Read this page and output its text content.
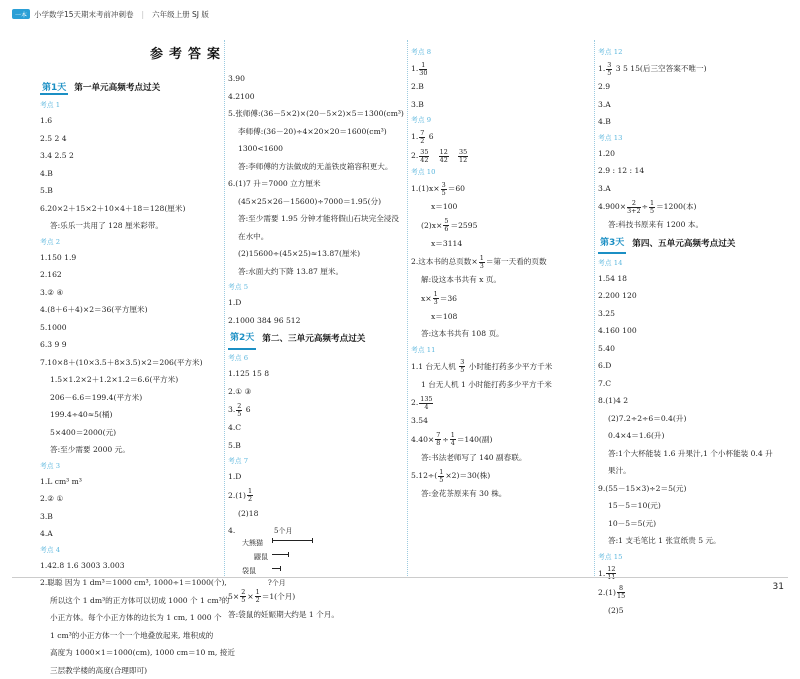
一本 小学数学15天期末考前冲刺卷 | 六年级上册 SJ 版
参考答案
第1天 第一单元高频考点过关
考点 1
1.6
2.5 2 4
3.4 2.5 2
4.B
5.B
6.20×2＋15×2＋10×4＋18＝128(厘米)
答:乐乐一共用了 128 厘米彩带。
考点 2
1.150 1.9
2.162
3.② ④
4.(8＋6＋4)×2＝36(平方厘米)
5.1000
6.3 9 9
7.10×8＋(10×3.5＋8×3.5)×2＝206(平方米)
1.5×1.2×2＋1.2×1.2＝6.6(平方米)
206－6.6＝199.4(平方米)
199.4÷40≈5(桶)
5×400＝2000(元)
答:至少需要 2000 元。
考点 3
1.L cm³ m³
2.② ①
3.B
4.A
考点 4
1.42.8 1.6 3003 3.003
2.聪聪 因为 1 dm³＝1000 cm³, 1000÷1＝1000(个),
所以这个 1 dm³的正方体可以切成 1000 个 1 cm³的
小正方体。每个小正方体的边长为 1 cm, 1 000 个
1 cm³的小正方体一个一个地叠放起来, 堆积成的
高度为 1000×1＝1000(cm), 1000 cm＝10 m, 接近
三层教学楼的高度(合理即可)
3.90
4.2100
5.张师傅:(36－5×2)×(20－5×2)×5＝1300(cm³)
李师傅:(36－20)÷4×20×20＝1600(cm³)
1300<1600
答:李师傅的方法做成的无盖铁皮箱容积更大。
6.(1)7 升＝7000 立方厘米
(45×25×26－15600)÷7000＝1.95(分)
答:至少需要 1.95 分钟才能将假山石块完全浸没
在水中。
(2)15600÷(45×25)≈13.87(厘米)
答:水面大约下降 13.87 厘米。
考点 5
1.D
2.1000 384 96 512
第2天 第二、三单元高频考点过关
考点 6
1.125 15 8
2.① ③
3. $\frac{2}{5} 6$
4.C
5.B
考点 7
1.D
$2.(1) \frac{1}{2}$
(2)18
4.	5个月
大熊猫
鼹鼠
袋鼠
?个月
$5\times \frac{2}{5} \times \frac{1}{2} =1$(个月)
答:袋鼠的妊娠期大约是 1 个月。
考点 8
1. $\frac{1}{30}$
2.B
3.B
考点 9
1. $\frac{7}{2} 6$
2. $\frac{35}{42}$
$\frac{12}{42}$
$\frac{35}{12}$
考点 10
$1.(1)x\times \frac{3}{5} =60$
x＝100
$(2)x\times \frac{5}{6} =2595$
x＝3114
2.这本书的总页数× $\frac{1}{3}$ ＝第一天看的页数
解:设这本书共有 x 页。
$x\times \frac{1}{3} =36$
x＝108
答:这本书共有 108 页。
考点 11
1.1 台无人机 $\frac{3}{5}$ 小时能打药多少平方千米
1 台无人机 1 小时能打药多少平方千米
2. $\frac{135}{4}$
3.54
$4.40\times \frac{7}{8} \div \frac{1}{4} =140$(副)
答:书法老师写了 140 副春联。
$5.12\div( \frac{1}{5} \times 2)=30$(株)
答:金花茶原来有 30 株。
考点 12
1. $\frac{3}{5} 3$ 5 15(后三空答案不唯一)
2.9
3.A
4.B
考点 13
1.20
2.9 : 12 : 14
3.A
$4.900\times \frac{2}{3+2} \div \frac{1}{5} =1200$(本)
答:科技书原来有 1200 本。
第3天 第四、五单元高频考点过关
考点 14
1.54 18
2.200 120
3.25
4.160 100
5.40
6.D
7.C
8.(1)4 2
(2)7.2÷2÷6＝0.4(升)
0.4×4＝1.6(升)
答:1个大杯能装 1.6 升果汁,1 个小杯能装 0.4 升
果汁。
9.(55－15×3)÷2＝5(元)
15－5＝10(元)
10－5＝5(元)
答:1 支毛笔比 1 张宣纸贵 5 元。
考点 15
1. $\frac{12}{11}$
$2.(1) \frac{8}{15}$
(2)5
31
